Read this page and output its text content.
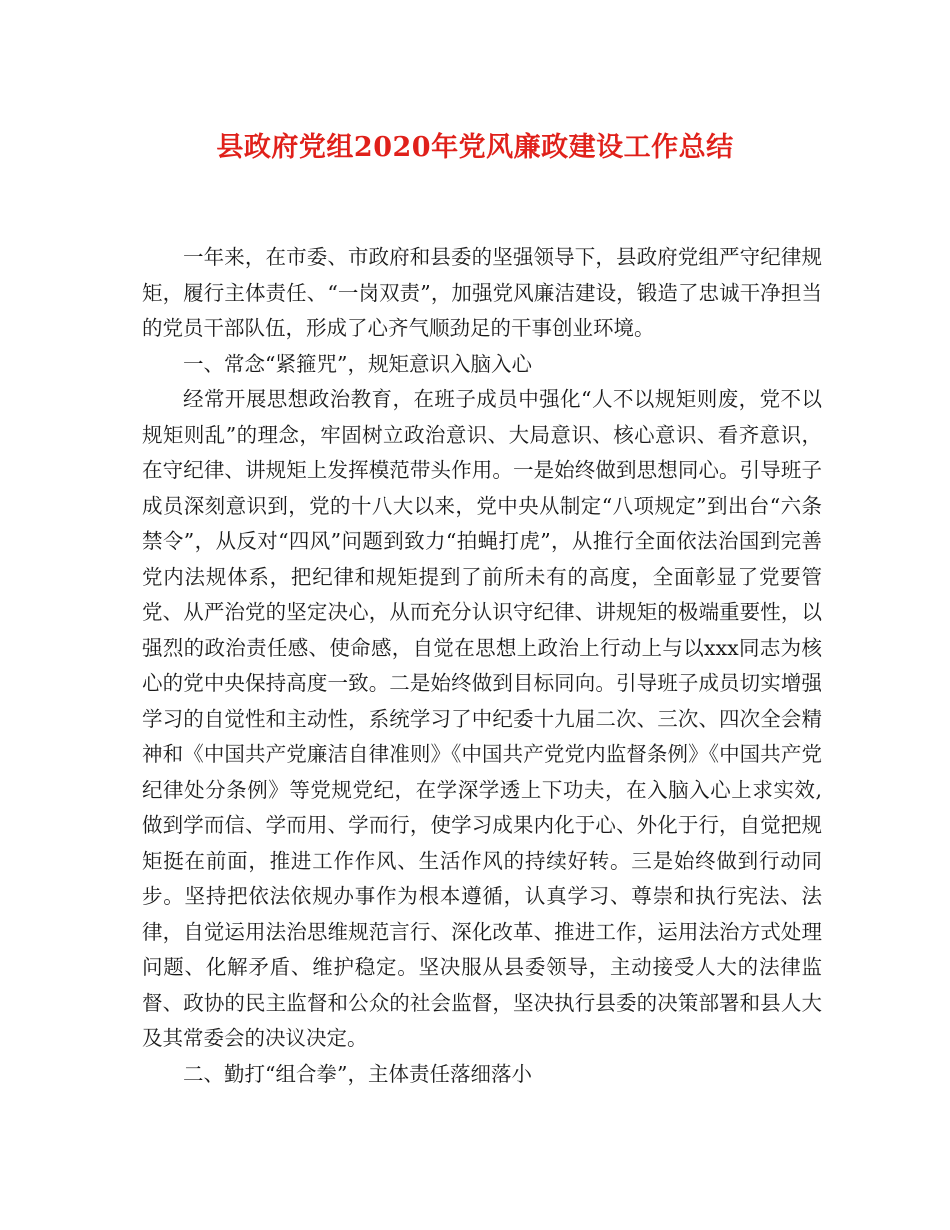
县政府党组2020年党风廉政建设工作总结

一年来，在市委、市政府和县委的坚强领导下，县政府党组严守纪律规矩，履行主体责任、“一岗双责”，加强党风廉洁建设，锻造了忠诚干净担当的党员干部队伍，形成了心齐气顺劲足的干事创业环境。

一、常念“紧箍咒”，规矩意识入脑入心

经常开展思想政治教育，在班子成员中强化“人不以规矩则废，党不以规矩则乱”的理念，牢固树立政治意识、大局意识、核心意识、看齐意识，在守纪律、讲规矩上发挥模范带头作用。一是始终做到思想同心。引导班子成员深刻意识到，党的十八大以来，党中央从制定“八项规定”到出台“六条禁令”，从反对“四风”问题到致力“拍蝇打虎”，从推行全面依法治国到完善党内法规体系，把纪律和规矩提到了前所未有的高度，全面彰显了党要管党、从严治党的坚定决心，从而充分认识守纪律、讲规矩的极端重要性，以强烈的政治责任感、使命感，自觉在思想上政治上行动上与以xxx同志为核心的党中央保持高度一致。二是始终做到目标同向。引导班子成员切实增强学习的自觉性和主动性，系统学习了中纪委十九届二次、三次、四次全会精神和《中国共产党廉洁自律准则》《中国共产党党内监督条例》《中国共产党纪律处分条例》等党规党纪，在学深学透上下功夫，在入脑入心上求实效,做到学而信、学而用、学而行，使学习成果内化于心、外化于行，自觉把规矩挺在前面，推进工作作风、生活作风的持续好转。三是始终做到行动同步。坚持把依法依规办事作为根本遵循，认真学习、尊崇和执行宪法、法律，自觉运用法治思维规范言行、深化改革、推进工作，运用法治方式处理问题、化解矛盾、维护稳定。坚决服从县委领导，主动接受人大的法律监督、政协的民主监督和公众的社会监督，坚决执行县委的决策部署和县人大及其常委会的决议决定。

二、勤打“组合拳”，主体责任落细落小
